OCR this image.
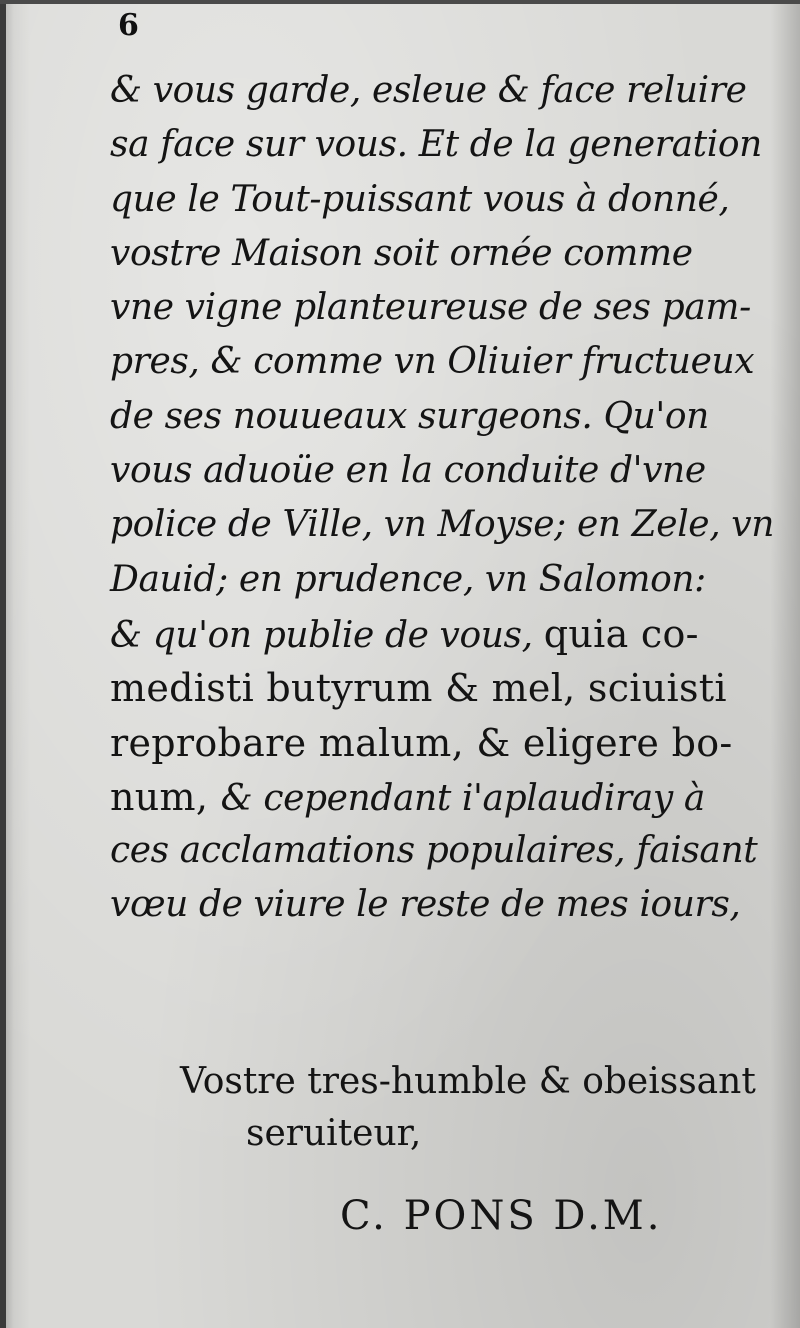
6
& vous garde, esleue & face reluire
sa face sur vous. Et de la generation
que le Tout-puissant vous à donné,
vostre Maison soit ornée comme
vne vigne planteureuse de ses pam-
pres, & comme vn Oliuier fructueux
de ses nouueaux surgeons. Qu'on
vous aduoüe en la conduite d'vne
police de Ville, vn Moyse; en Zele, vn
Dauid; en prudence, vn Salomon:
& qu'on publie de vous, quia co-
medisti butyrum & mel, sciuisti
reprobare malum, & eligere bo-
num, & cependant i'aplaudiray à
ces acclamations populaires, faisant
vœu de viure le reste de mes iours,
Vostre tres-humble & obeissant
seruiteur,
C. PONS D.M.
